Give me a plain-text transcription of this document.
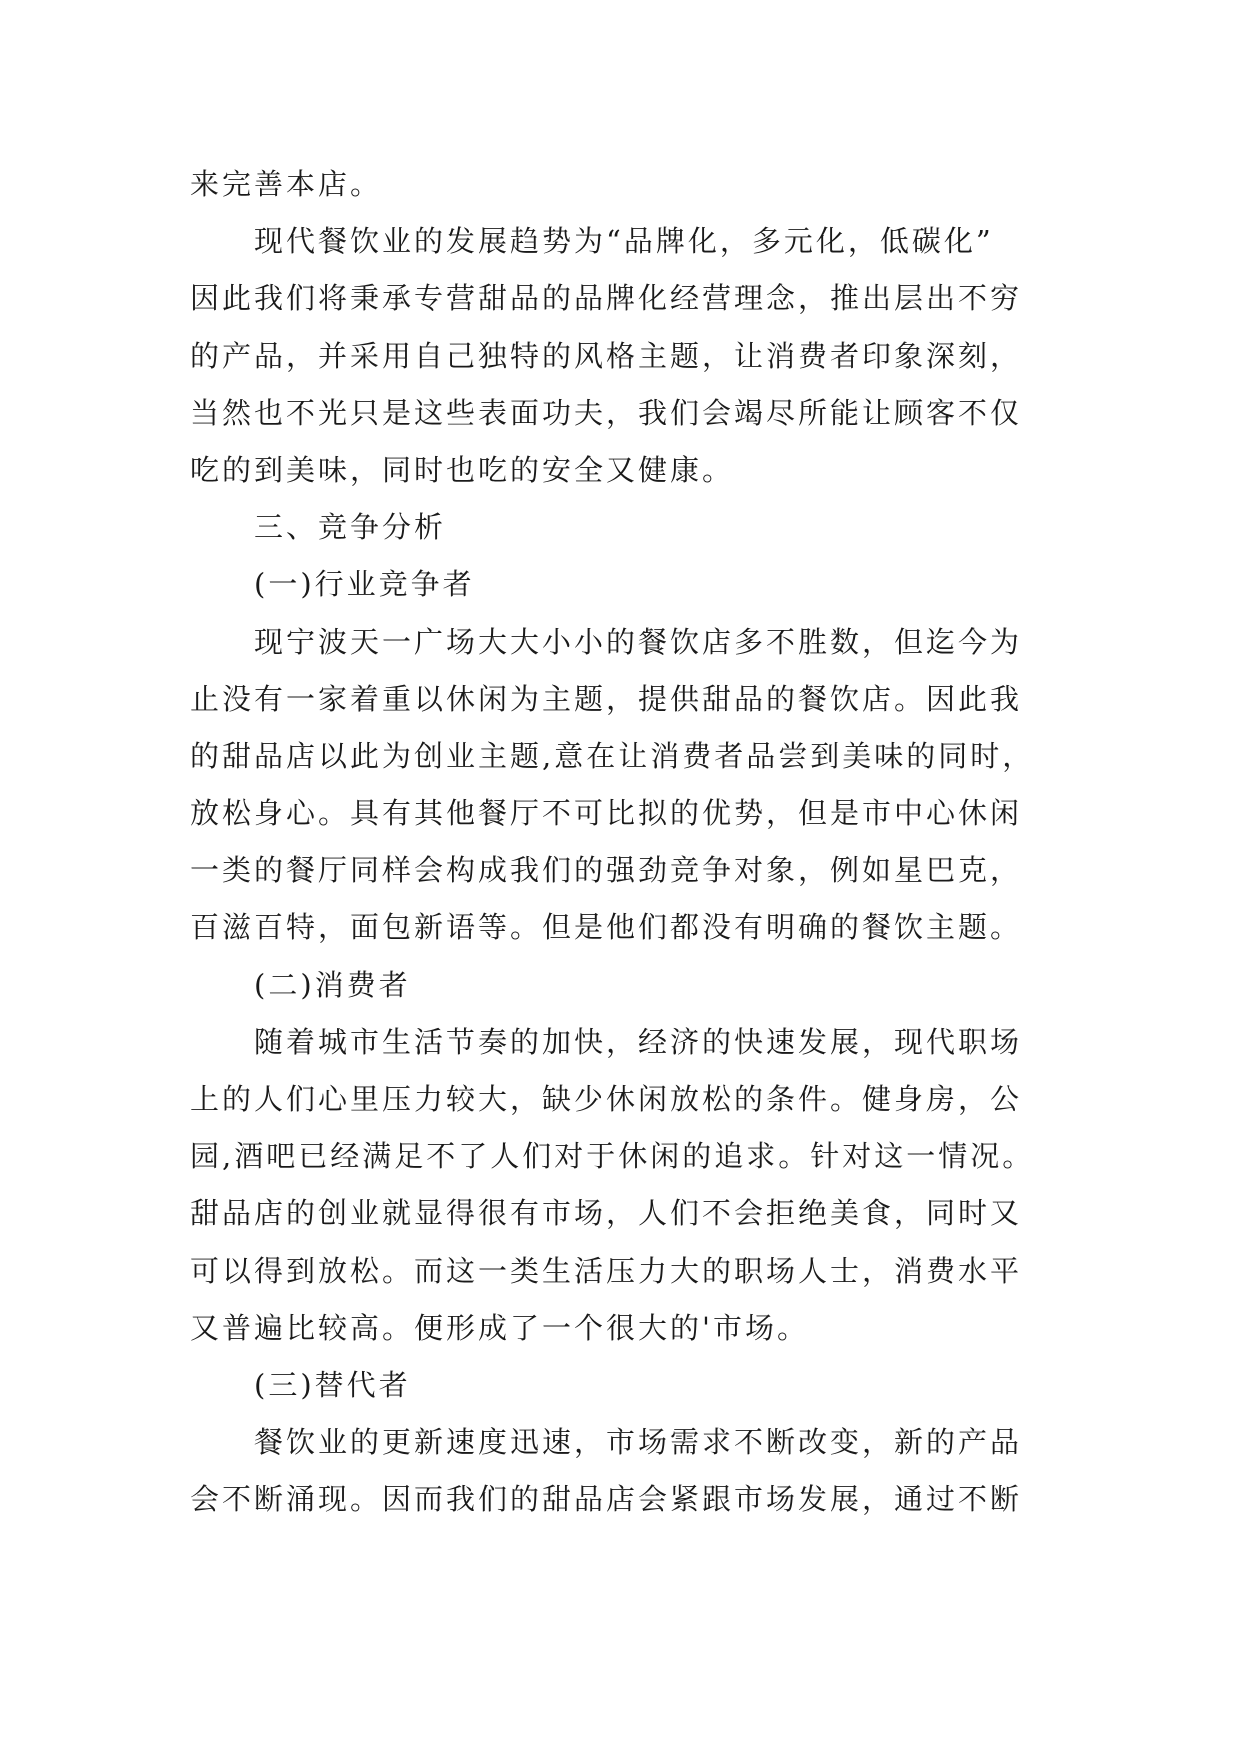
来完善本店。
现代餐饮业的发展趋势为“品牌化，多元化，低碳化”
因此我们将秉承专营甜品的品牌化经营理念，推出层出不穷
的产品，并采用自己独特的风格主题，让消费者印象深刻，
当然也不光只是这些表面功夫，我们会竭尽所能让顾客不仅
吃的到美味，同时也吃的安全又健康。
三、竞争分析
(一)行业竞争者
现宁波天一广场大大小小的餐饮店多不胜数，但迄今为
止没有一家着重以休闲为主题，提供甜品的餐饮店。因此我
的甜品店以此为创业主题,意在让消费者品尝到美味的同时，
放松身心。具有其他餐厅不可比拟的优势，但是市中心休闲
一类的餐厅同样会构成我们的强劲竞争对象，例如星巴克，
百滋百特，面包新语等。但是他们都没有明确的餐饮主题。
(二)消费者
随着城市生活节奏的加快，经济的快速发展，现代职场
上的人们心里压力较大，缺少休闲放松的条件。健身房，公
园,酒吧已经满足不了人们对于休闲的追求。针对这一情况。
甜品店的创业就显得很有市场，人们不会拒绝美食，同时又
可以得到放松。而这一类生活压力大的职场人士，消费水平
又普遍比较高。便形成了一个很大的'市场。
(三)替代者
餐饮业的更新速度迅速，市场需求不断改变，新的产品
会不断涌现。因而我们的甜品店会紧跟市场发展，通过不断
